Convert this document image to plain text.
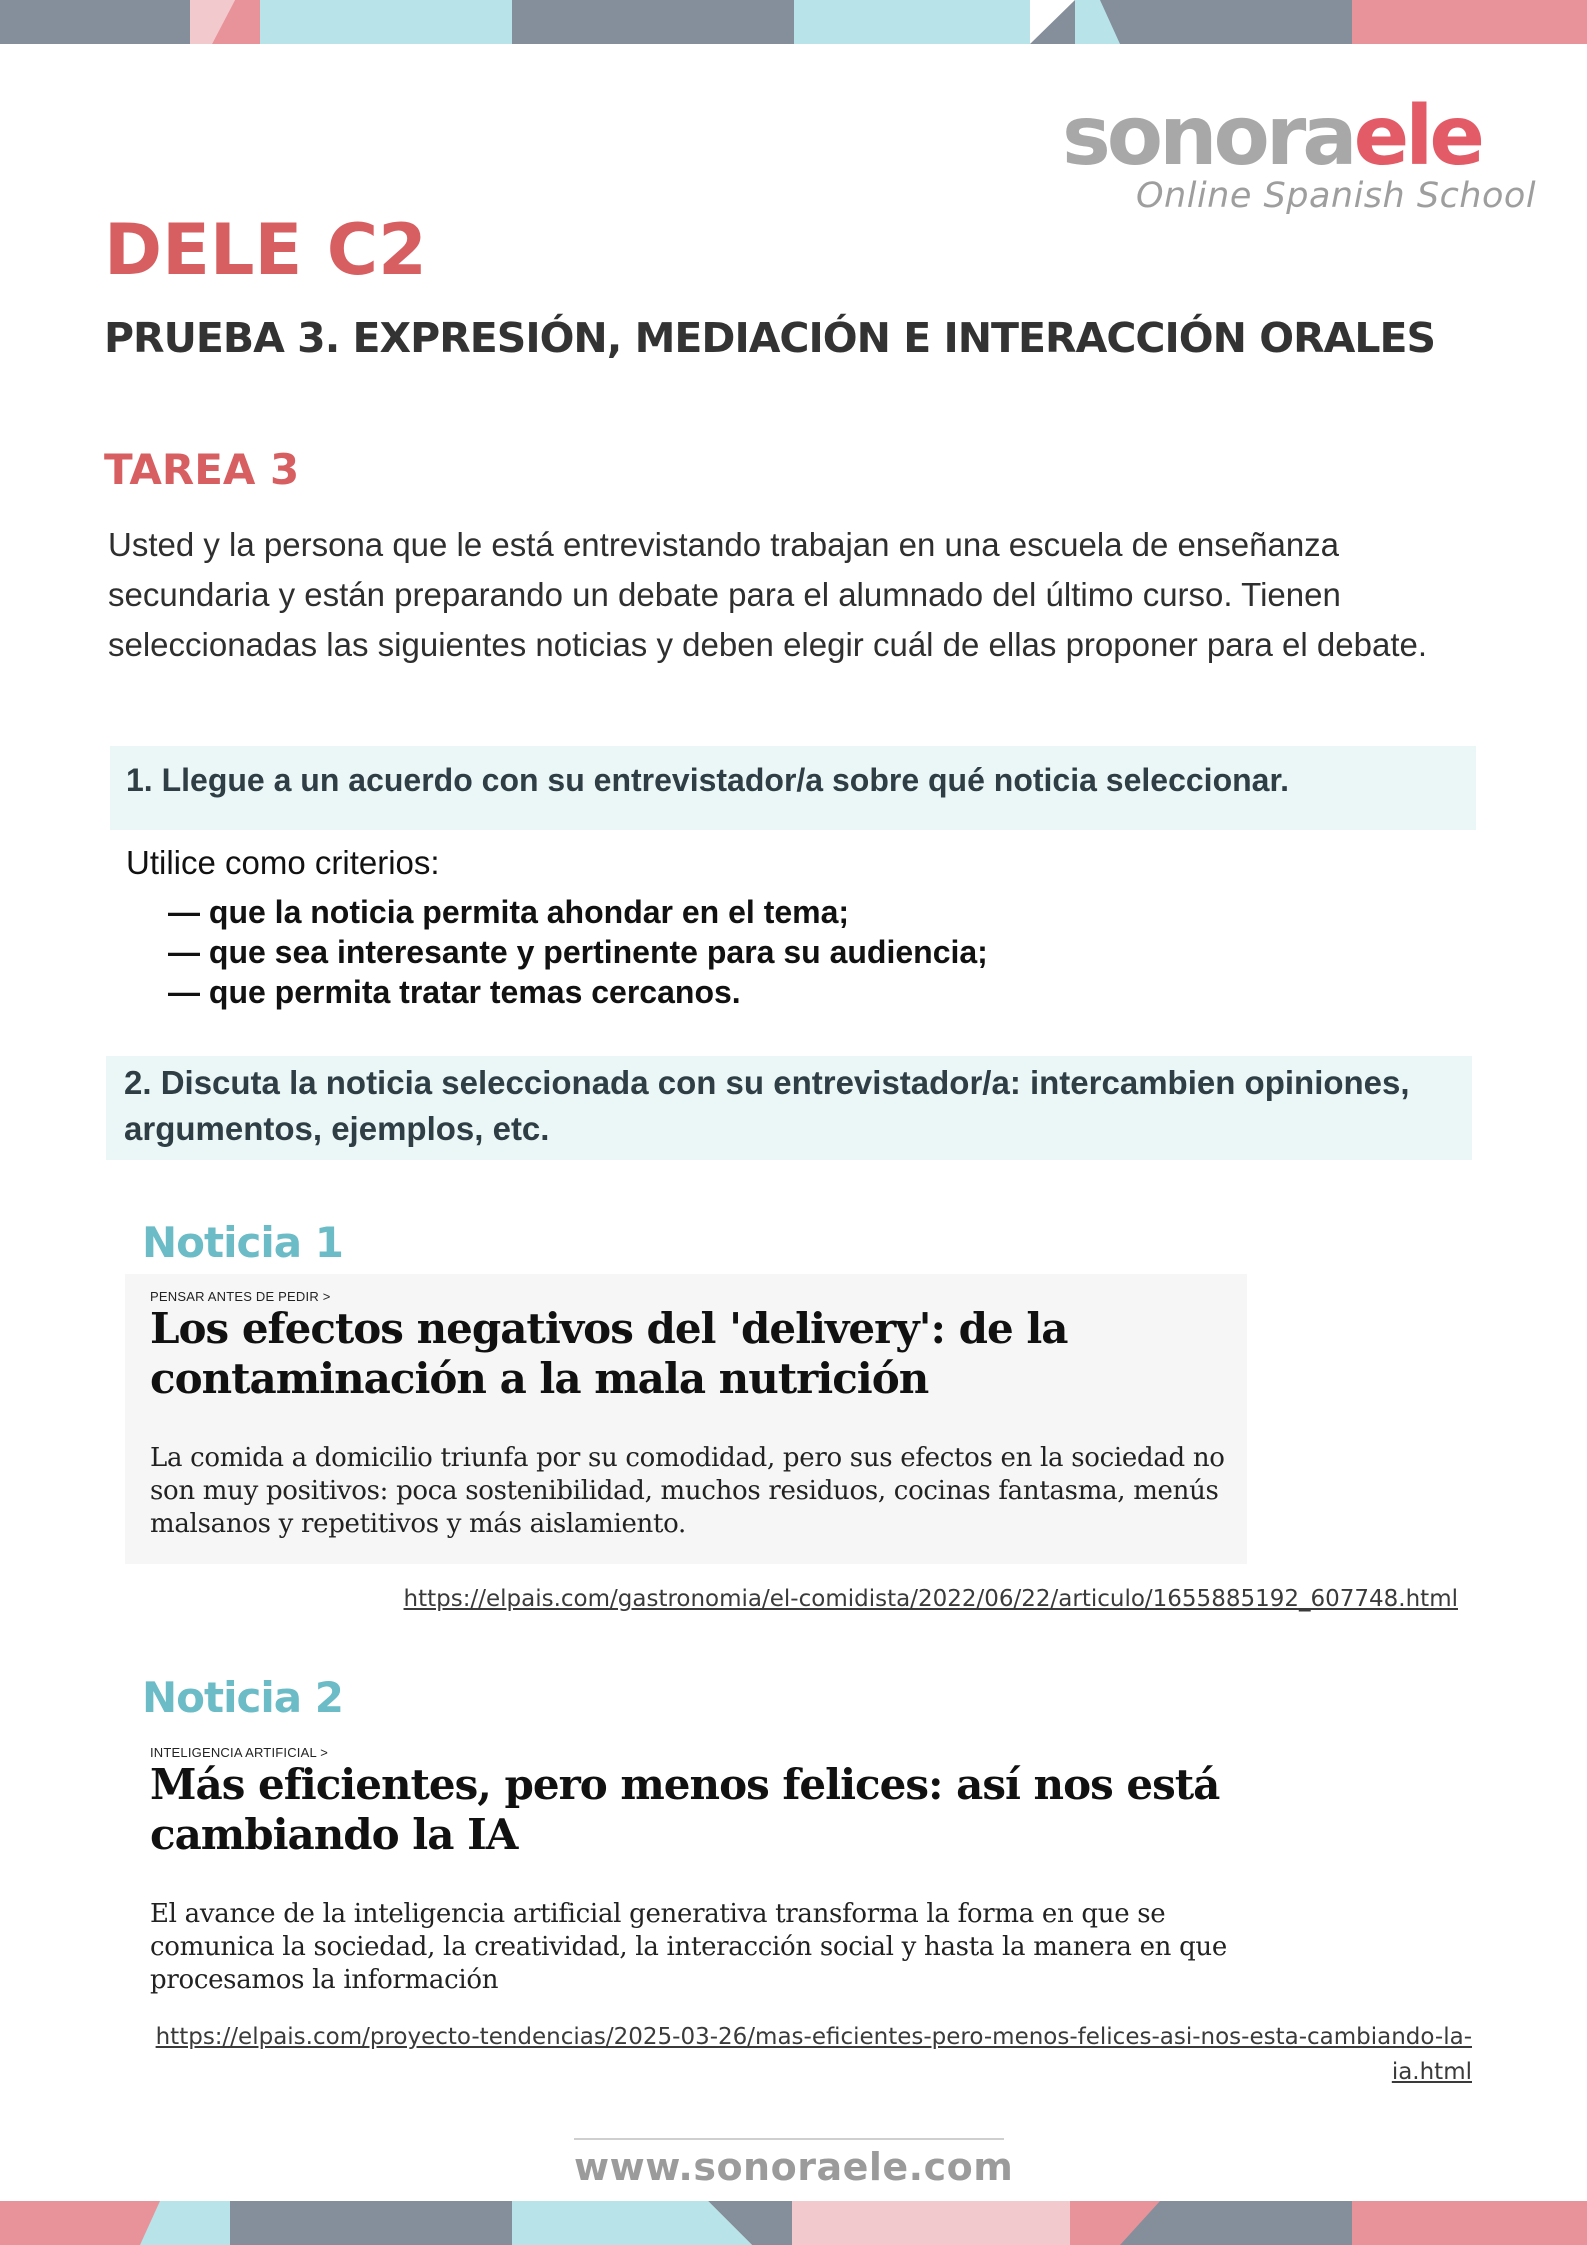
sonoraele
Online Spanish School
DELE C2
PRUEBA 3. EXPRESIÓN, MEDIACIÓN E INTERACCIÓN ORALES
TAREA 3

Usted y la persona que le está entrevistando trabajan en una escuela de enseñanza secundaria y están preparando un debate para el alumnado del último curso. Tienen seleccionadas las siguientes noticias y deben elegir cuál de ellas proponer para el debate.

1. Llegue a un acuerdo con su entrevistador/a sobre qué noticia seleccionar.
Utilice como criterios:
— que la noticia permita ahondar en el tema;
— que sea interesante y pertinente para su audiencia;
— que permita tratar temas cercanos.
2. Discuta la noticia seleccionada con su entrevistador/a: intercambien opiniones, argumentos, ejemplos, etc.
Noticia 1
PENSAR ANTES DE PEDIR >
Los efectos negativos del 'delivery': de la contaminación a la mala nutrición
La comida a domicilio triunfa por su comodidad, pero sus efectos en la sociedad no son muy positivos: poca sostenibilidad, muchos residuos, cocinas fantasma, menús malsanos y repetitivos y más aislamiento.
https://elpais.com/gastronomia/el-comidista/2022/06/22/articulo/1655885192_607748.html
Noticia 2
INTELIGENCIA ARTIFICIAL >
Más eficientes, pero menos felices: así nos está cambiando la IA
El avance de la inteligencia artificial generativa transforma la forma en que se comunica la sociedad, la creatividad, la interacción social y hasta la manera en que procesamos la información
https://elpais.com/proyecto-tendencias/2025-03-26/mas-eficientes-pero-menos-felices-asi-nos-esta-cambiando-la-ia.html
www.sonoraele.com
